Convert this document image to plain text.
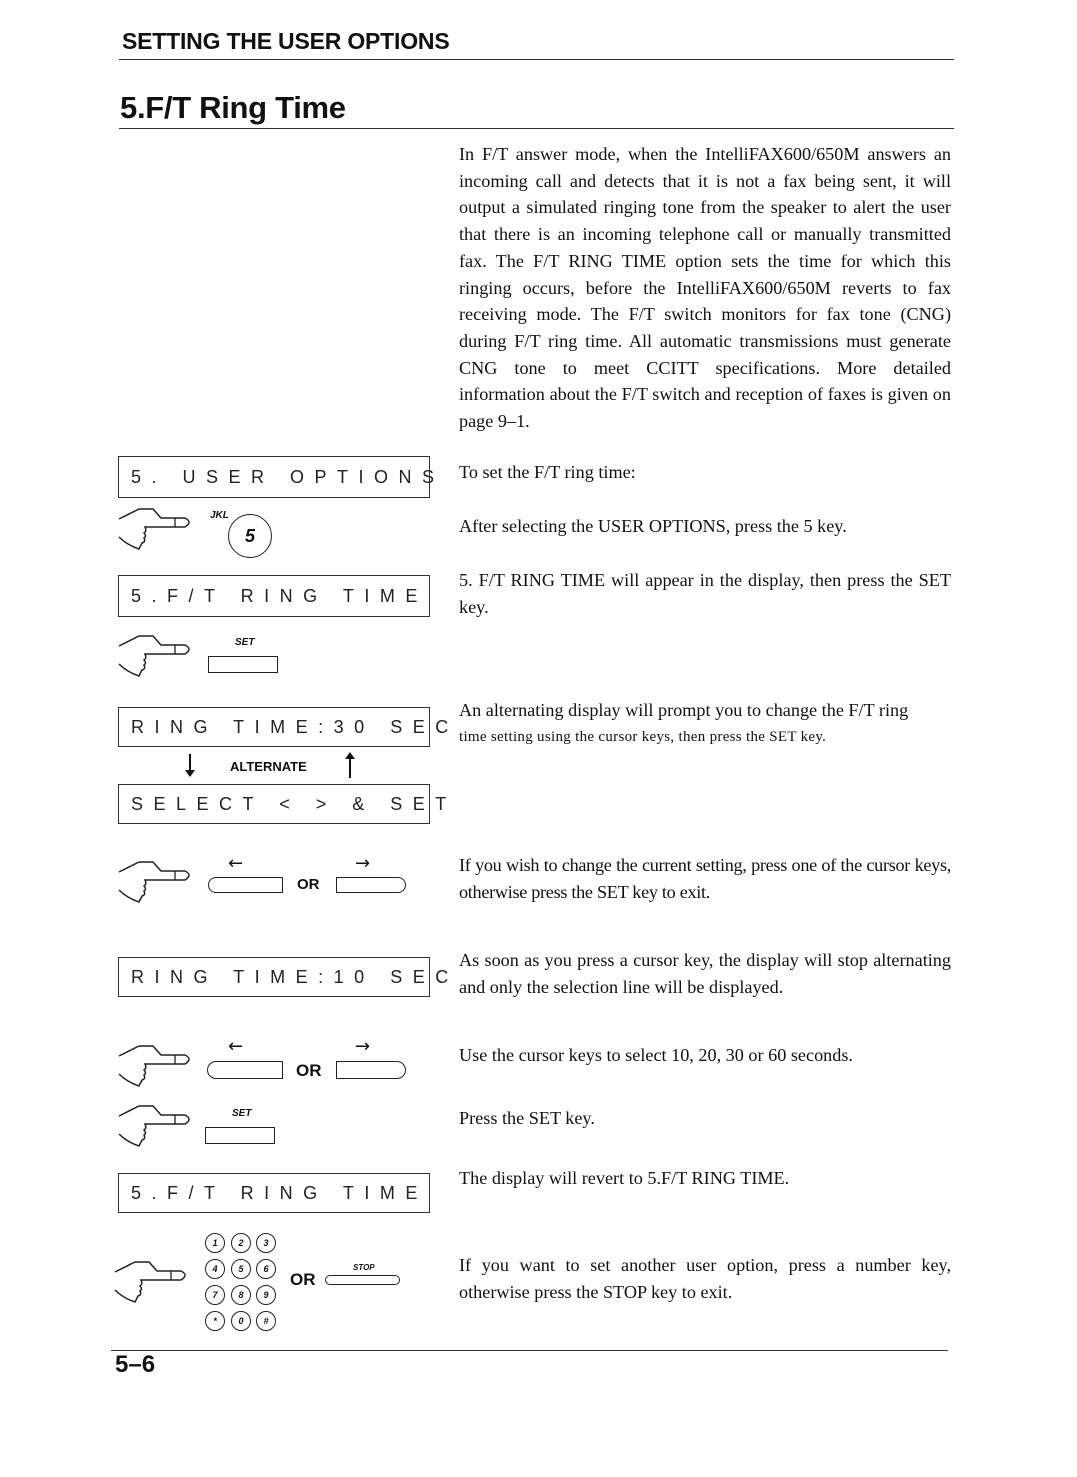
SETTING THE USER OPTIONS
5.F/T Ring Time
In F/T answer mode, when the IntelliFAX600/650M answers an incoming call and detects that it is not a fax being sent, it will output a simulated ringing tone from the speaker to alert the user that there is an incoming telephone call or manually transmitted fax. The F/T RING TIME option sets the time for which this ringing occurs, before the IntelliFAX600/650M reverts to fax receiving mode. The F/T switch monitors for fax tone (CNG) during F/T ring time. All automatic transmissions must generate CNG tone to meet CCITT specifications. More detailed information about the F/T switch and reception of faxes is given on page 9–1.
To set the F/T ring time:
After selecting the USER OPTIONS, press the 5 key.
5. F/T RING TIME will appear in the display, then press the SET key.
An alternating display will prompt you to change the F/T ring
time setting using the cursor keys, then press the SET key.
If you wish to change the current setting, press one of the cursor keys, otherwise press the SET key to exit.
As soon as you press a cursor key, the display will stop alternating and only the selection line will be displayed.
Use the cursor keys to select 10, 20, 30 or 60 seconds.
Press the SET key.
The display will revert to 5.F/T RING TIME.
If you want to set another user option, press a number key, otherwise press the STOP key to exit.
5. USER OPTIONS
JKL
5
5.F/T RING TIME
SET
RING TIME:30 SEC
ALTERNATE
SELECT < > & SET
←
OR
→
RING TIME:10 SEC
←
OR
→
SET
5.F/T RING TIME
1	2	3
4	5	6
7	8	9
*	0	#
OR
STOP
5–6
